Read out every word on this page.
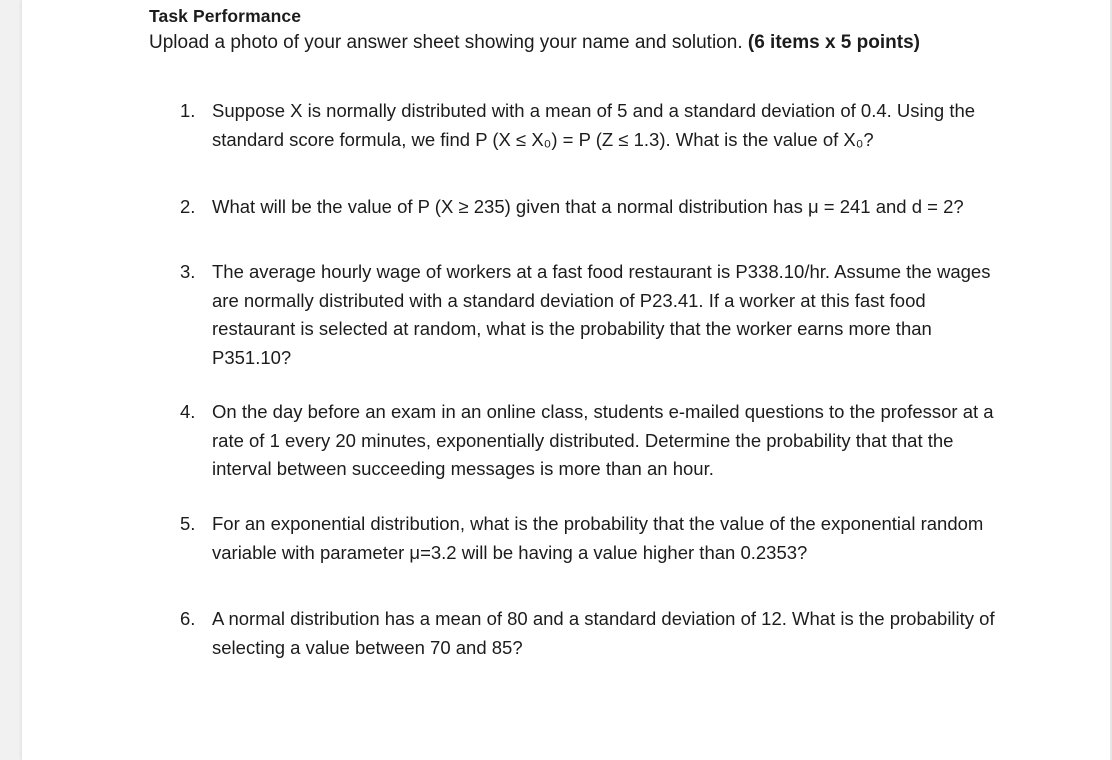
Task Performance
Upload a photo of your answer sheet showing your name and solution. (6 items x 5 points)
1. Suppose X is normally distributed with a mean of 5 and a standard deviation of 0.4. Using the standard score formula, we find P (X ≤ X₀) = P (Z ≤ 1.3). What is the value of X₀?
2. What will be the value of P (X ≥ 235) given that a normal distribution has μ = 241 and d = 2?
3. The average hourly wage of workers at a fast food restaurant is P338.10/hr. Assume the wages are normally distributed with a standard deviation of P23.41. If a worker at this fast food restaurant is selected at random, what is the probability that the worker earns more than P351.10?
4. On the day before an exam in an online class, students e-mailed questions to the professor at a rate of 1 every 20 minutes, exponentially distributed. Determine the probability that that the interval between succeeding messages is more than an hour.
5. For an exponential distribution, what is the probability that the value of the exponential random variable with parameter μ=3.2 will be having a value higher than 0.2353?
6. A normal distribution has a mean of 80 and a standard deviation of 12. What is the probability of selecting a value between 70 and 85?
